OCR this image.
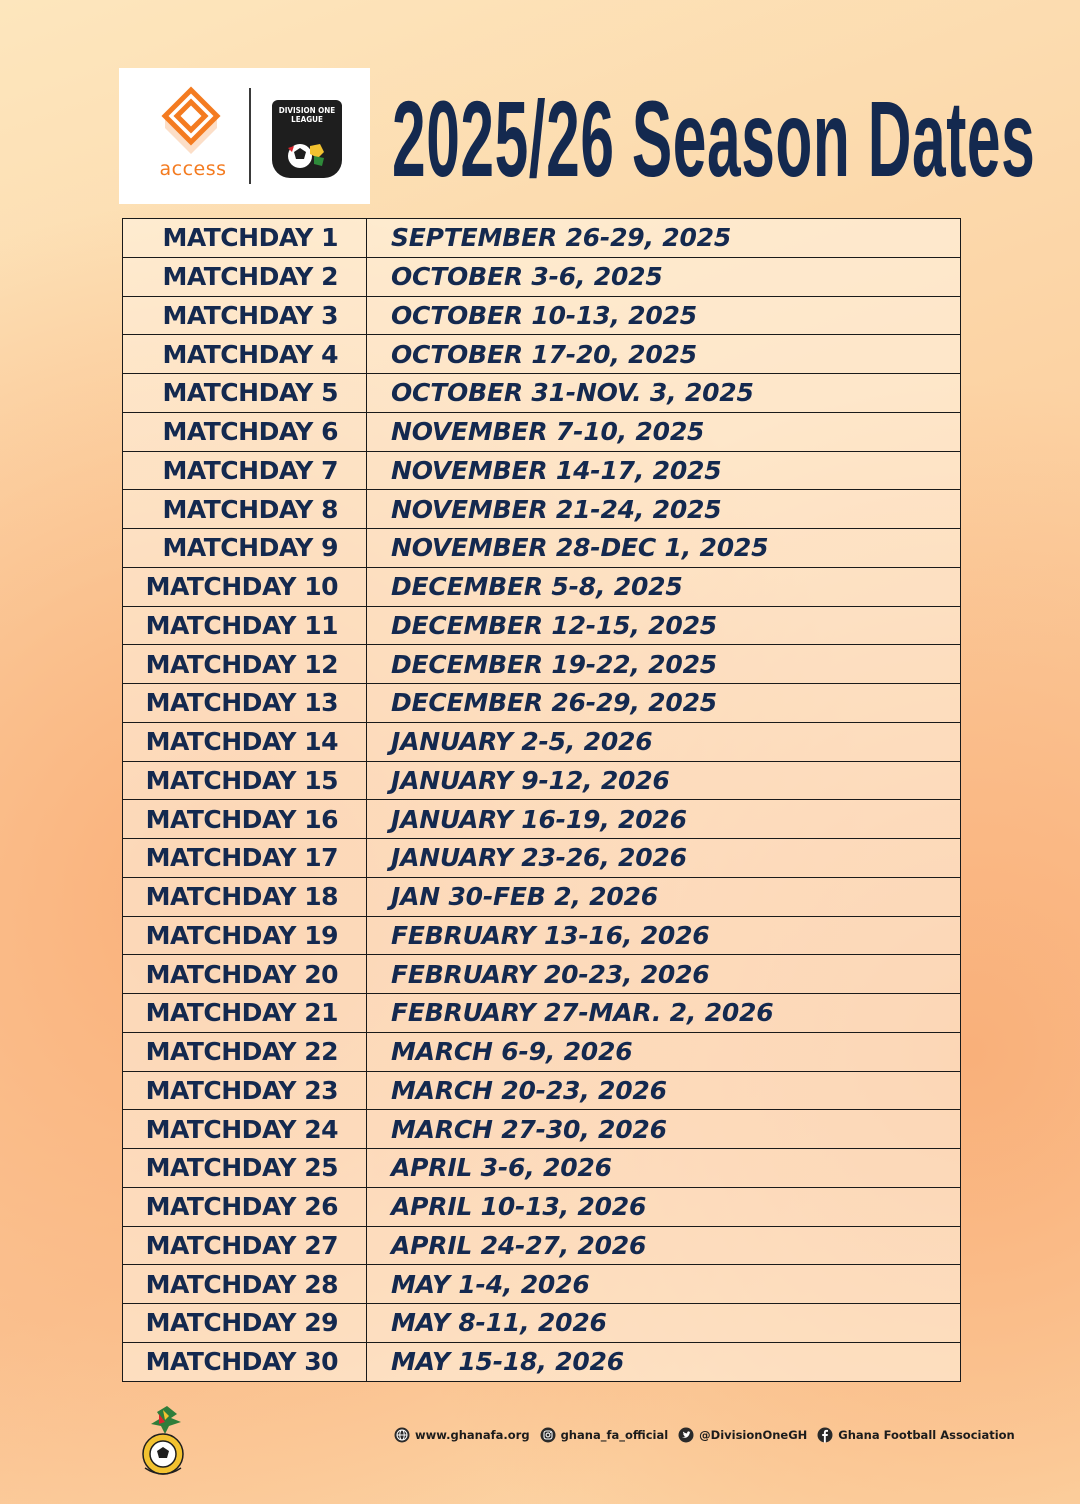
access
DIVISION ONE LEAGUE 2025/26 Season Dates
MATCHDAY 1	SEPTEMBER 26-29, 2025
MATCHDAY 2	OCTOBER 3-6, 2025
MATCHDAY 3	OCTOBER 10-13, 2025
MATCHDAY 4	OCTOBER 17-20, 2025
MATCHDAY 5	OCTOBER 31-NOV. 3, 2025
MATCHDAY 6	NOVEMBER 7-10, 2025
MATCHDAY 7	NOVEMBER 14-17, 2025
MATCHDAY 8	NOVEMBER 21-24, 2025
MATCHDAY 9	NOVEMBER 28-DEC 1, 2025
MATCHDAY 10	DECEMBER 5-8, 2025
MATCHDAY 11	DECEMBER 12-15, 2025
MATCHDAY 12	DECEMBER 19-22, 2025
MATCHDAY 13	DECEMBER 26-29, 2025
MATCHDAY 14	JANUARY 2-5, 2026
MATCHDAY 15	JANUARY 9-12, 2026
MATCHDAY 16	JANUARY 16-19, 2026
MATCHDAY 17	JANUARY 23-26, 2026
MATCHDAY 18	JAN 30-FEB 2, 2026
MATCHDAY 19	FEBRUARY 13-16, 2026
MATCHDAY 20	FEBRUARY 20-23, 2026
MATCHDAY 21	FEBRUARY 27-MAR. 2, 2026
MATCHDAY 22	MARCH 6-9, 2026
MATCHDAY 23	MARCH 20-23, 2026
MATCHDAY 24	MARCH 27-30, 2026
MATCHDAY 25	APRIL 3-6, 2026
MATCHDAY 26	APRIL 10-13, 2026
MATCHDAY 27	APRIL 24-27, 2026
MATCHDAY 28	MAY 1-4, 2026
MATCHDAY 29	MAY 8-11, 2026
MATCHDAY 30	MAY 15-18, 2026
www.ghanafa.org	ghana_fa_official	@DivisionOneGH	Ghana Football Association
